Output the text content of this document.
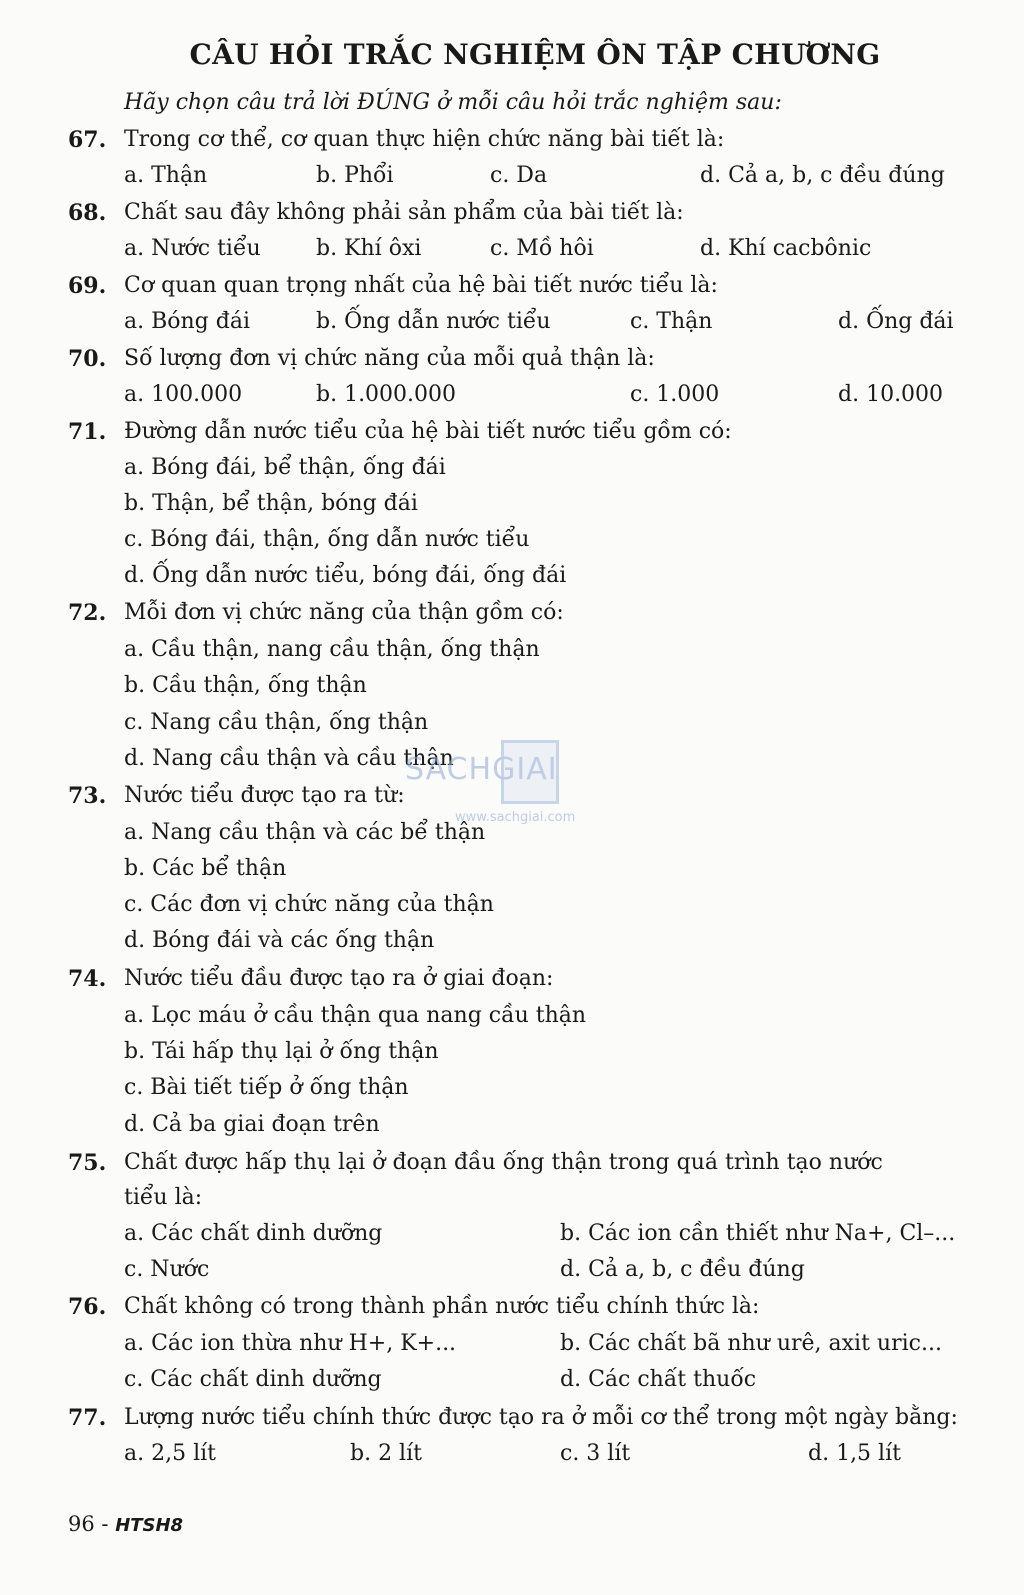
CÂU HỎI TRẮC NGHIỆM ÔN TẬP CHƯƠNG
Hãy chọn câu trả lời ĐÚNG ở mỗi câu hỏi trắc nghiệm sau:
67. Trong cơ thể, cơ quan thực hiện chức năng bài tiết là:
a. Thận	b. Phổi	c. Da	d. Cả a, b, c đều đúng
68. Chất sau đây không phải sản phẩm của bài tiết là:
a. Nước tiểu	b. Khí ôxi	c. Mồ hôi	d. Khí cacbônic
69. Cơ quan quan trọng nhất của hệ bài tiết nước tiểu là:
a. Bóng đái	b. Ống dẫn nước tiểu	c. Thận	d. Ống đái
70. Số lượng đơn vị chức năng của mỗi quả thận là:
a. 100.000	b. 1.000.000	c. 1.000	d. 10.000
71. Đường dẫn nước tiểu của hệ bài tiết nước tiểu gồm có:
a. Bóng đái, bể thận, ống đái
b. Thận, bể thận, bóng đái
c. Bóng đái, thận, ống dẫn nước tiểu
d. Ống dẫn nước tiểu, bóng đái, ống đái
72. Mỗi đơn vị chức năng của thận gồm có:
a. Cầu thận, nang cầu thận, ống thận
b. Cầu thận, ống thận
c. Nang cầu thận, ống thận
d. Nang cầu thận và cầu thận
73. Nước tiểu được tạo ra từ:
a. Nang cầu thận và các bể thận
b. Các bể thận
c. Các đơn vị chức năng của thận
d. Bóng đái và các ống thận
74. Nước tiểu đầu được tạo ra ở giai đoạn:
a. Lọc máu ở cầu thận qua nang cầu thận
b. Tái hấp thụ lại ở ống thận
c. Bài tiết tiếp ở ống thận
d. Cả ba giai đoạn trên
75. Chất được hấp thụ lại ở đoạn đầu ống thận trong quá trình tạo nước
tiểu là:
a. Các chất dinh dưỡng	b. Các ion cần thiết như Na+, Cl–...
c. Nước	d. Cả a, b, c đều đúng
76. Chất không có trong thành phần nước tiểu chính thức là:
a. Các ion thừa như H+, K+...	b. Các chất bã như urê, axit uric...
c. Các chất dinh dưỡng	d. Các chất thuốc
77. Lượng nước tiểu chính thức được tạo ra ở mỗi cơ thể trong một ngày bằng:
a. 2,5 lít	b. 2 lít	c. 3 lít	d. 1,5 lít
96 - HTSH8
SACHGIAI
www.sachgiai.com
